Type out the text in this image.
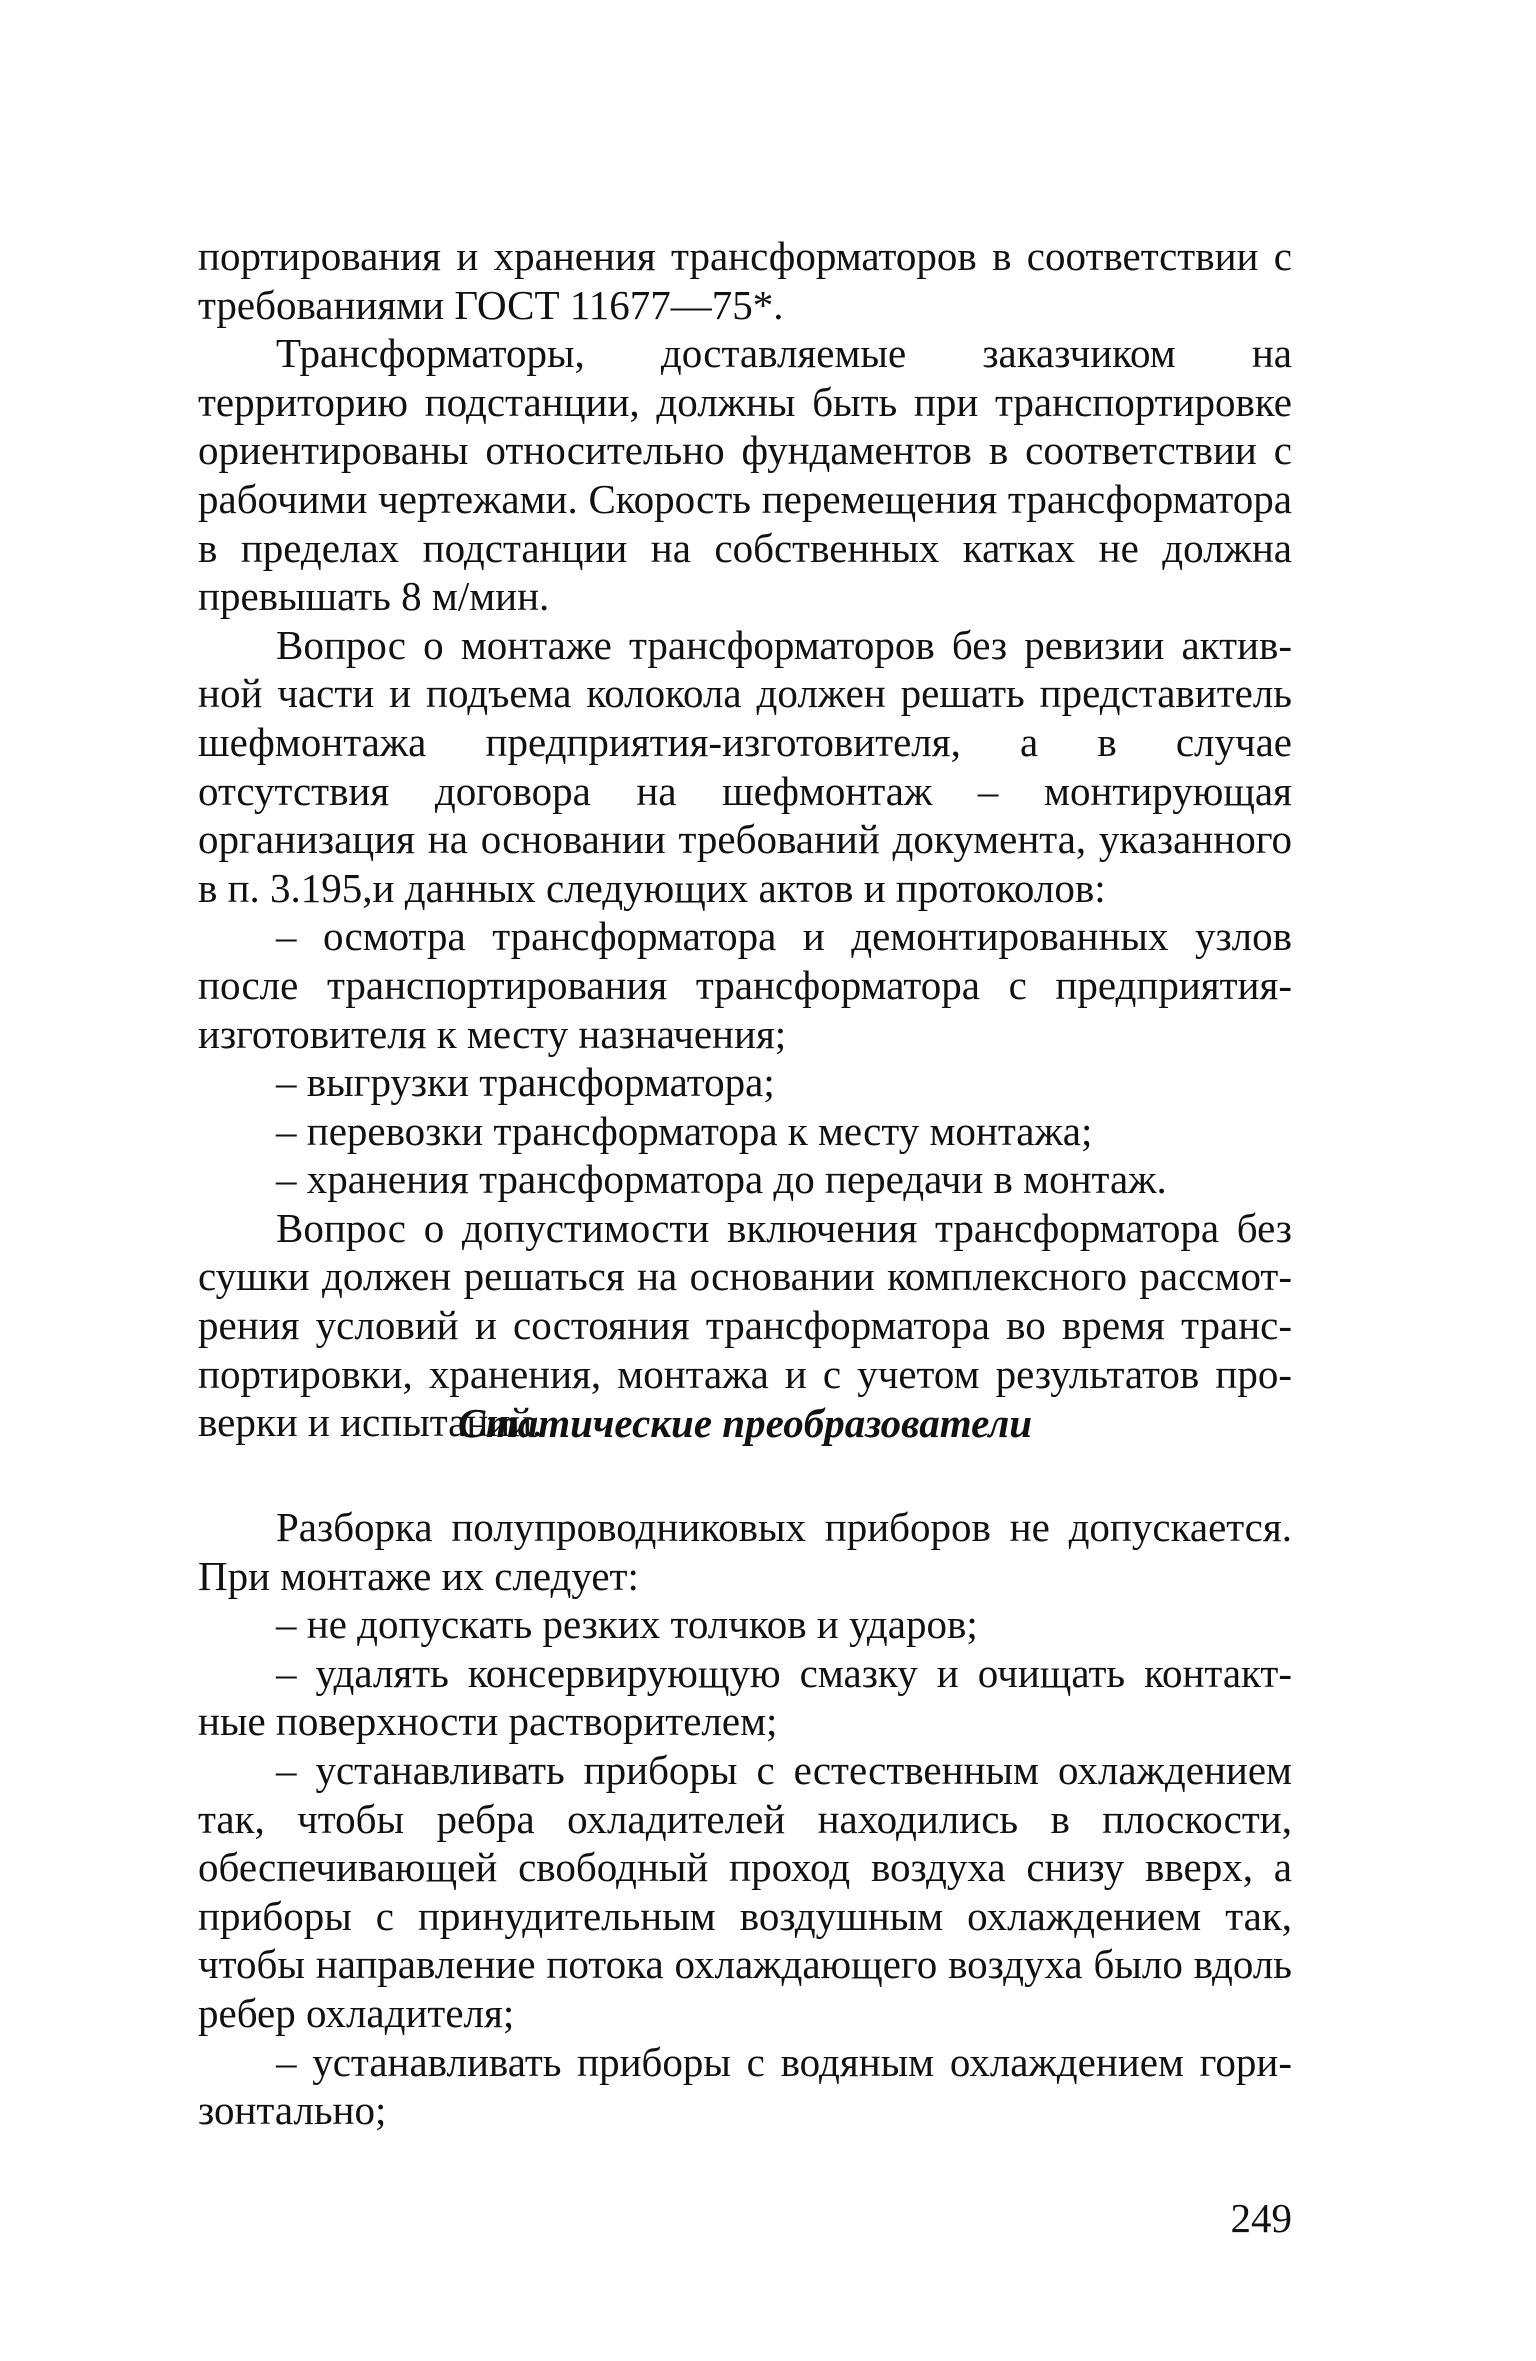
портирования и хранения трансформаторов в соответствии с требованиями ГОСТ 11677—75*.

Трансформаторы, доставляемые заказчиком на территорию подстанции, должны быть при транспортировке ориентированы относительно фундаментов в соответствии с рабочими чертежами. Скорость перемещения трансформатора в пределах подстанции на собственных катках не должна превышать 8 м/мин.

Вопрос о монтаже трансформаторов без ревизии активной части и подъема колокола должен решать представитель шефмонтажа предприятия-изготовителя, а в случае отсутствия договора на шефмонтаж – монтирующая организация на основании требований документа, указанного в п. 3.195,и данных следующих актов и протоколов:

– осмотра трансформатора и демонтированных узлов после транспортирования трансформатора с предприятия-изготовителя к месту назначения;

– выгрузки трансформатора;

– перевозки трансформатора к месту монтажа;

– хранения трансформатора до передачи в монтаж.

Вопрос о допустимости включения трансформатора без сушки должен решаться на основании комплексного рассмотрения условий и состояния трансформатора во время транспортировки, хранения, монтажа и с учетом результатов проверки и испытаний.

Статические преобразователи

Разборка полупроводниковых приборов не допускается. При монтаже их следует:

– не допускать резких толчков и ударов;

– удалять консервирующую смазку и очищать контактные поверхности растворителем;

– устанавливать приборы с естественным охлаждением так, чтобы ребра охладителей находились в плоскости, обеспечивающей свободный проход воздуха снизу вверх, а приборы с принудительным воздушным охлаждением так, чтобы направление потока охлаждающего воздуха было вдоль ребер охладителя;

– устанавливать приборы с водяным охлаждением горизонтально;

249
